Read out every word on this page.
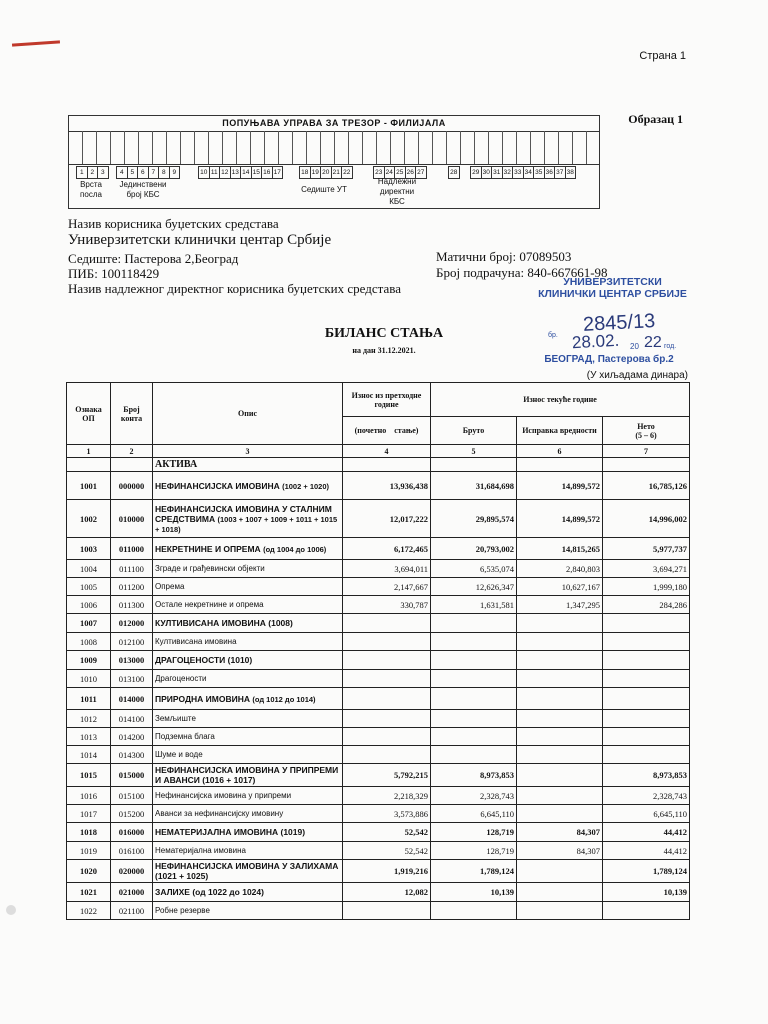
Страна 1
Образац 1
ПОПУЊАВА УПРАВА ЗА ТРЕЗОР - ФИЛИЈАЛА
1	2	3	4	5	6	7	8	9	10 11 12 13 14 15 16 17	18 19 20 21 22	23 24 25 26 27	28	29 30 31 32 33 34 35 36 37 38
Врста посла
Јединствени број КБС
Седиште УТ
Надлежни директни КБС
Назив корисника буџетских средстава
Универзитетски клинички центар Србије
Седиште: Пастерова 2,Београд
ПИБ: 100118429
Назив надлежног директног корисника буџетских средстава
Матични број: 07089503
Број подрачуна: 840-667661-98
УНИВЕРЗИТЕТСКИ
КЛИНИЧКИ ЦЕНТАР СРБИЈЕ
бр. 2845/13
28.02. 20 22 год.
БЕОГРАД, Пастерова бр.2
БИЛАНС СТАЊА
на дан 31.12.2021.
(У хиљадама динара)
Ознака ОП	Број конта	Опис	Износ из претходне године	Износ текуће године		
			(почетно стање)	Бруто	Исправка вредности	Нето
(5 – 6)
1	2	3	4	5	6	7
		АКТИВА				
1001	000000	НЕФИНАНСИЈСКА ИМОВИНА (1002 + 1020)	13,936,438	31,684,698	14,899,572	16,785,126
1002	010000	НЕФИНАНСИЈСКА ИМОВИНА У СТАЛНИМ СРЕДСТВИМА (1003 + 1007 + 1009 + 1011 + 1015 + 1018)	12,017,222	29,895,574	14,899,572	14,996,002
1003	011000	НЕКРЕТНИНЕ И ОПРЕМА (од 1004 до 1006)	6,172,465	20,793,002	14,815,265	5,977,737
1004	011100	Зграде и грађевински објекти	3,694,011	6,535,074	2,840,803	3,694,271
1005	011200	Опрема	2,147,667	12,626,347	10,627,167	1,999,180
1006	011300	Остале некретнине и опрема	330,787	1,631,581	1,347,295	284,286
1007	012000	КУЛТИВИСАНА ИМОВИНА (1008)				
1008	012100	Култивисана имовина				
1009	013000	ДРАГОЦЕНОСТИ (1010)				
1010	013100	Драгоцености				
1011	014000	ПРИРОДНА ИМОВИНА (од 1012 до 1014)				
1012	014100	Земљиште				
1013	014200	Подземна блага				
1014	014300	Шуме и воде				
1015	015000	НЕФИНАНСИЈСКА ИМОВИНА У ПРИПРЕМИ И АВАНСИ (1016 + 1017)	5,792,215	8,973,853		8,973,853
1016	015100	Нефинансијска имовина у припреми	2,218,329	2,328,743		2,328,743
1017	015200	Аванси за нефинансијску имовину	3,573,886	6,645,110		6,645,110
1018	016000	НЕМАТЕРИЈАЛНА ИМОВИНА (1019)	52,542	128,719	84,307	44,412
1019	016100	Нематеријална имовина	52,542	128,719	84,307	44,412
1020	020000	НЕФИНАНСИЈСКА ИМОВИНА У ЗАЛИХАМА (1021 + 1025)	1,919,216	1,789,124		1,789,124
1021	021000	ЗАЛИХЕ (од 1022 до 1024)	12,082	10,139		10,139
1022	021100	Робне резерве				
